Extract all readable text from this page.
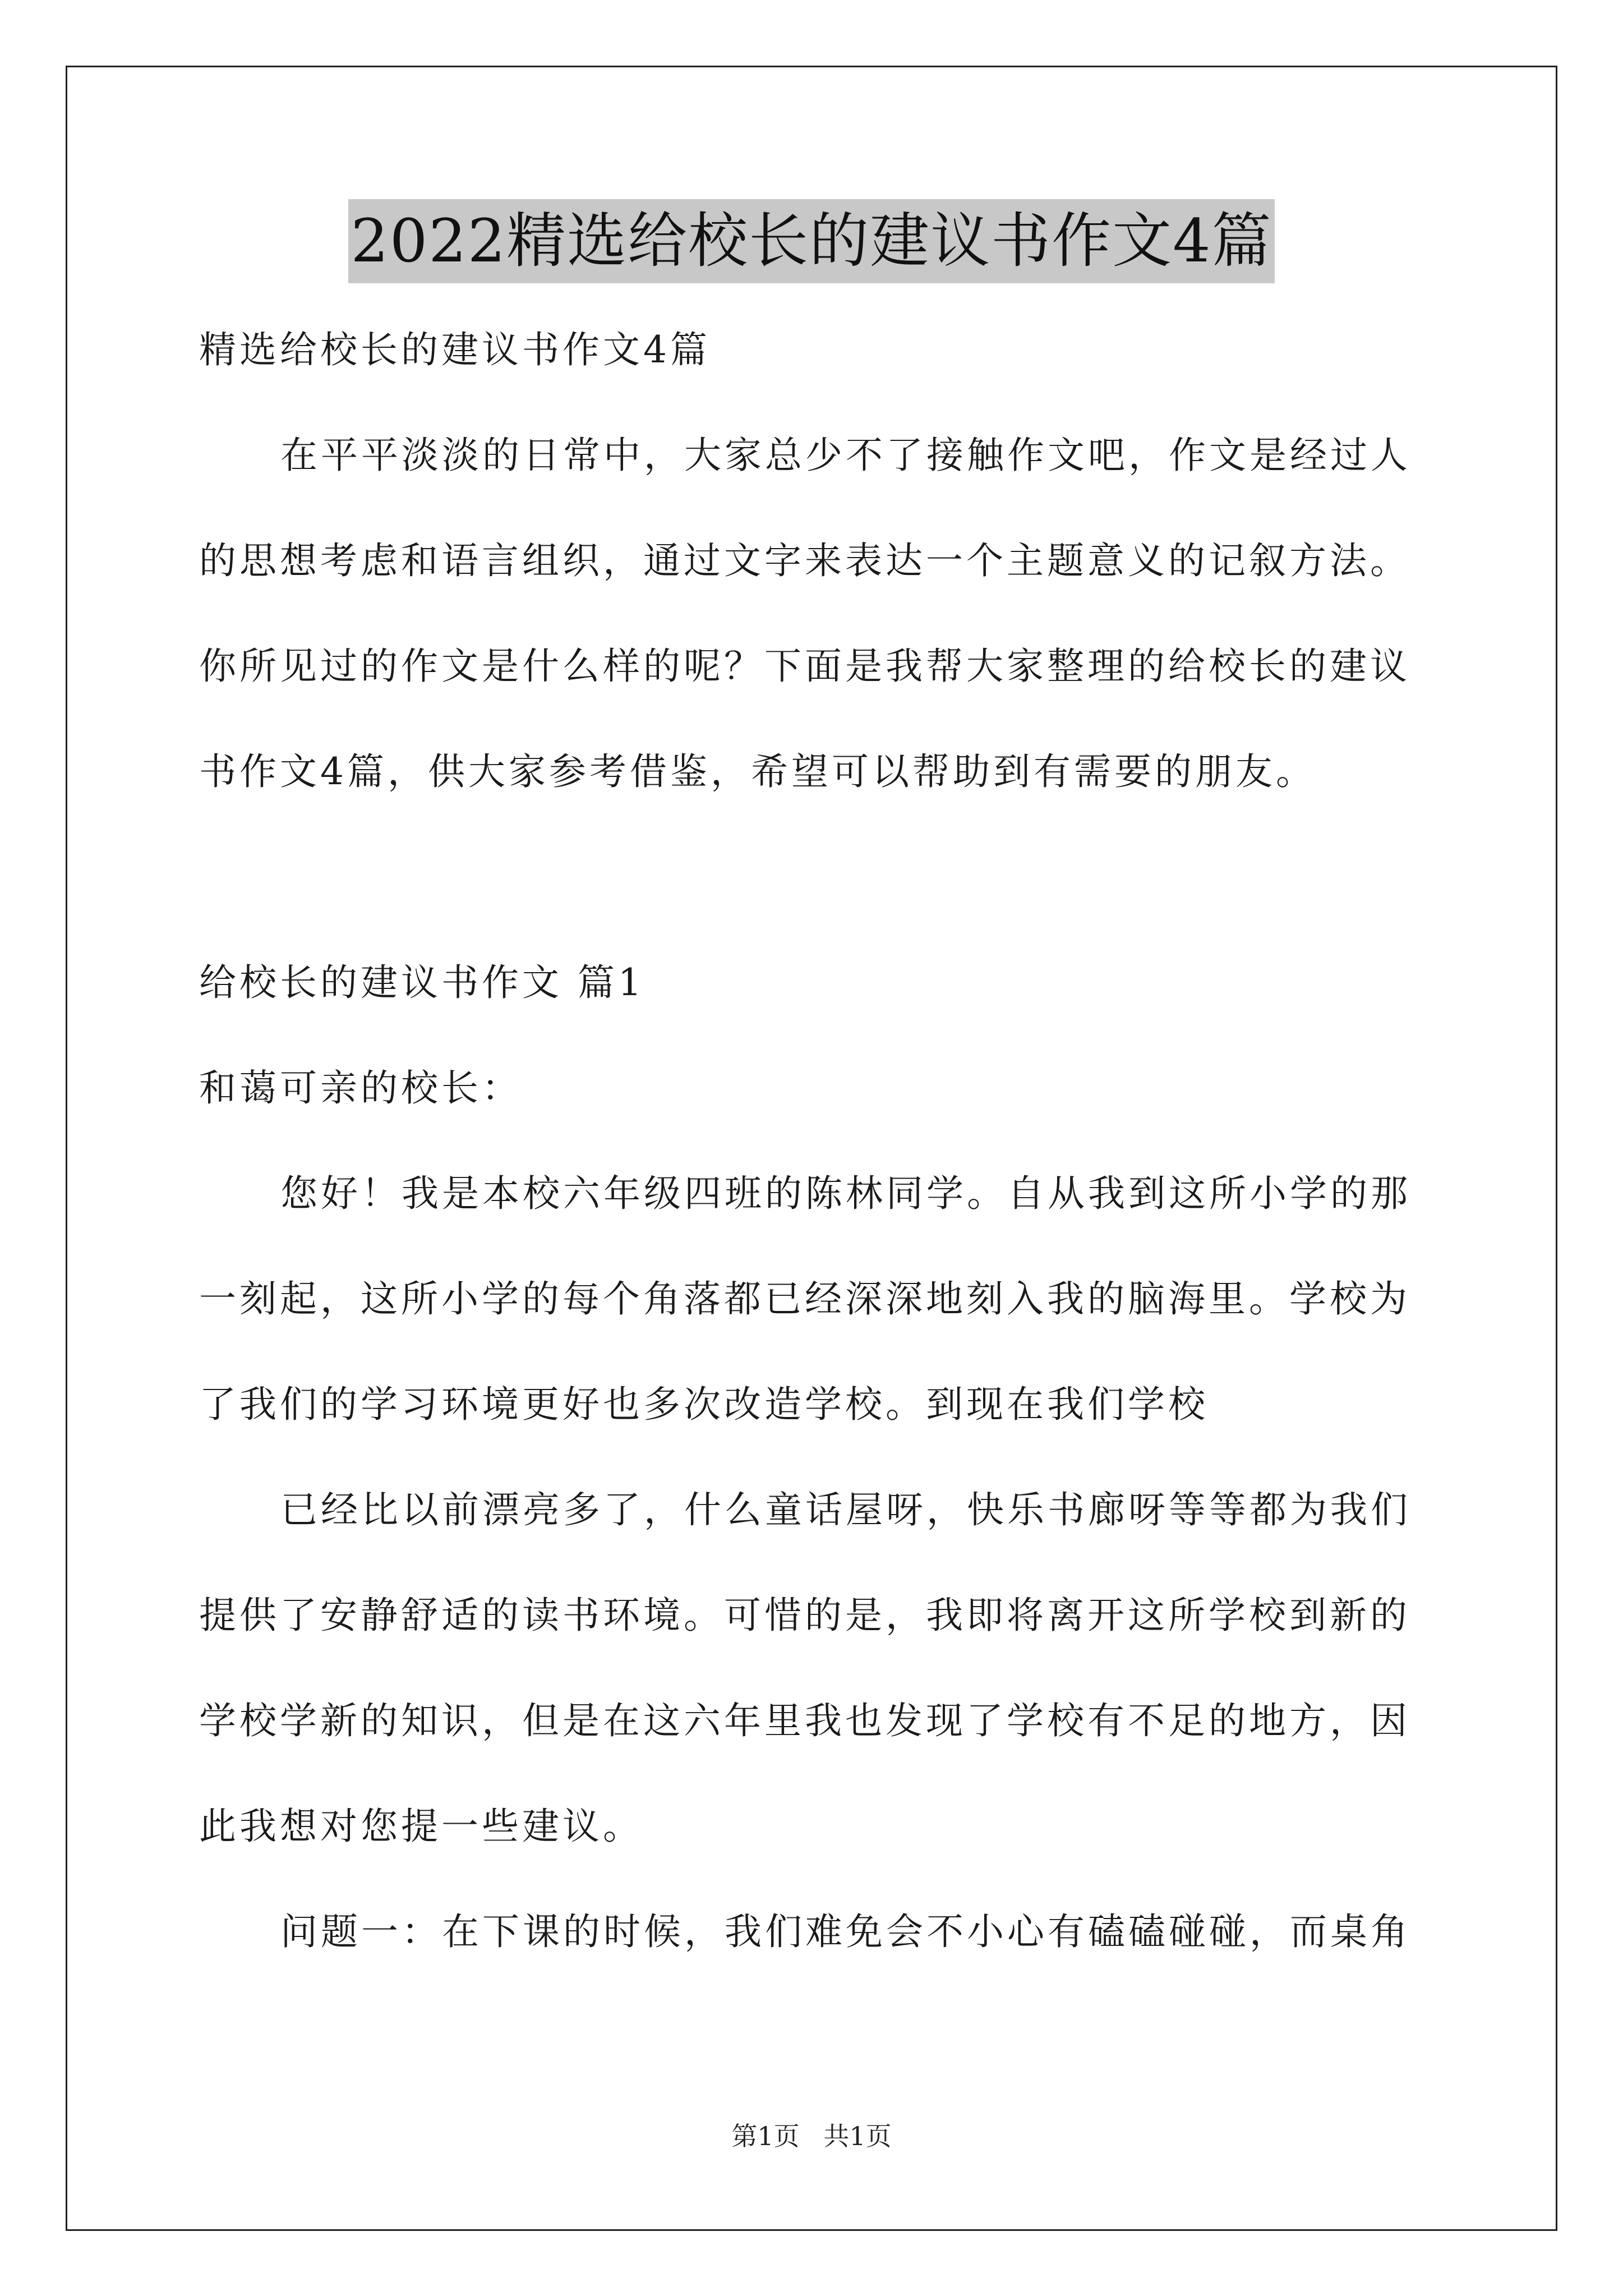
2022精选给校长的建议书作文4篇
精选给校长的建议书作文4篇
在平平淡淡的日常中，大家总少不了接触作文吧，作文是经过人
的思想考虑和语言组织，通过文字来表达一个主题意义的记叙方法。
你所见过的作文是什么样的呢？下面是我帮大家整理的给校长的建议
书作文4篇，供大家参考借鉴，希望可以帮助到有需要的朋友。
给校长的建议书作文 篇1
和蔼可亲的校长：
您好！我是本校六年级四班的陈林同学。自从我到这所小学的那
一刻起，这所小学的每个角落都已经深深地刻入我的脑海里。学校为
了我们的学习环境更好也多次改造学校。到现在我们学校
已经比以前漂亮多了，什么童话屋呀，快乐书廊呀等等都为我们
提供了安静舒适的读书环境。可惜的是，我即将离开这所学校到新的
学校学新的知识，但是在这六年里我也发现了学校有不足的地方，因
此我想对您提一些建议。
问题一：在下课的时候，我们难免会不小心有磕磕碰碰，而桌角
第1页 共1页
